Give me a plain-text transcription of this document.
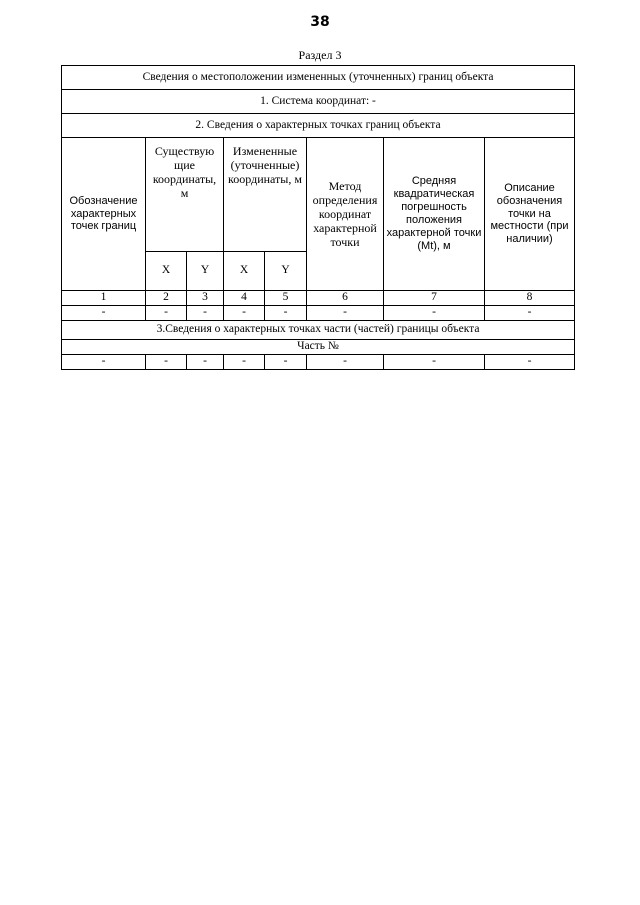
38
Раздел 3
Сведения о местоположении измененных (уточненных) границ объекта							
1. Система координат: -							
2. Сведения о характерных точках границ объекта							
Обозначение характерных точек границ	Существую щие координаты, м		Измененные (уточненные) координаты, м		Метод определения координат характерной точки	Средняя квадратическая погрешность положения характерной точки (Mt), м	Описание обозначения точки на местности (при наличии)
	X	Y	X	Y			
1	2	3	4	5	6	7	8
-	-	-	-	-	-	-	-
3.Сведения о характерных точках части (частей) границы объекта							
Часть №							
-	-	-	-	-	-	-	-
